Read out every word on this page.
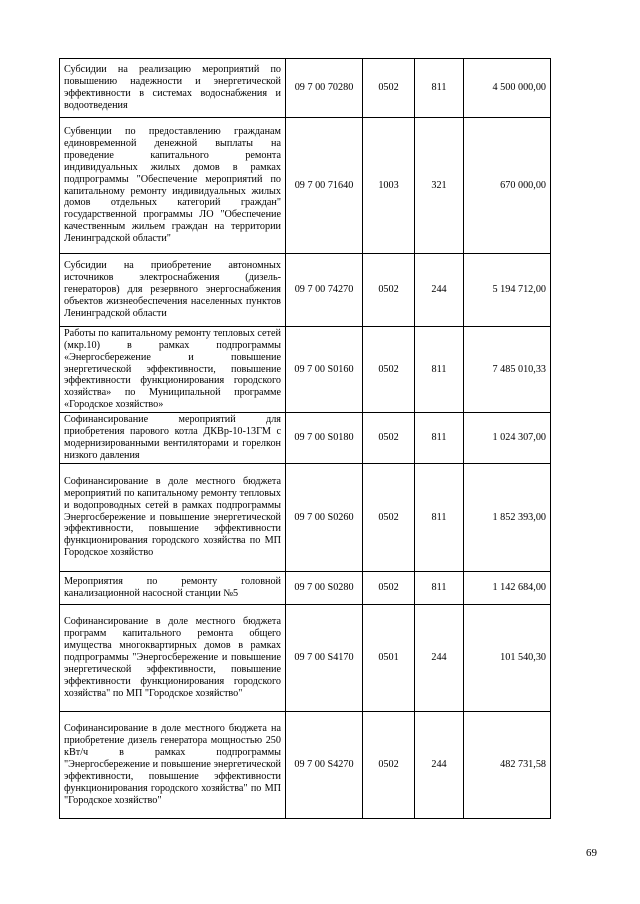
Субсидии на реализацию мероприятий по повышению надежности и энергетической эффективности в системах водоснабжения и водоотведения	09 7 00 70280	0502	811	4 500 000,00
Субвенции по предоставлению гражданам единовременной денежной выплаты на проведение капитального ремонта индивидуальных жилых домов в рамках подпрограммы "Обеспечение мероприятий по капитальному ремонту индивидуальных жилых домов отдельных категорий граждан" государственной программы ЛО "Обеспечение качественным жильем граждан на территории Ленинградской области"	09 7 00 71640	1003	321	670 000,00
Субсидии на приобретение автономных источников электроснабжения (дизель-генераторов) для резервного энергоснабжения объектов жизнеобеспечения населенных пунктов Ленинградской области	09 7 00 74270	0502	244	5 194 712,00
Работы по капитальному ремонту тепловых сетей (мкр.10) в рамках подпрограммы «Энергосбережение и повышение энергетической эффективности, повышение эффективности функционирования городского хозяйства» по Муниципальной программе «Городское хозяйство»	09 7 00 S0160	0502	811	7 485 010,33
Софинансирование мероприятий для приобретения парового котла ДКВр-10-13ГМ с модернизированными вентиляторами и горелкон низкого давления	09 7 00 S0180	0502	811	1 024 307,00
Софинансирование в доле местного бюджета мероприятий по капитальному ремонту тепловых и водопроводных сетей в рамках подпрограммы Энергосбережение и повышение энергетической эффективности, повышение эффективности функционирования городского хозяйства по МП Городское хозяйство	09 7 00 S0260	0502	811	1 852 393,00
Мероприятия по ремонту головной канализационной насосной станции №5	09 7 00 S0280	0502	811	1 142 684,00
Софинансирование в доле местного бюджета программ капитального ремонта общего имущества многоквартирных домов в рамках подпрограммы "Энергосбережение и повышение энергетической эффективности, повышение эффективности функционирования городского хозяйства" по МП "Городское хозяйство"	09 7 00 S4170	0501	244	101 540,30
Софинансирование в доле местного бюджета на приобретение дизель генератора мощностью 250 кВт/ч в рамках подпрограммы "Энергосбережение и повышение энергетической эффективности, повышение эффективности функционирования городского хозяйства" по МП "Городское хозяйство"	09 7 00 S4270	0502	244	482 731,58
69
